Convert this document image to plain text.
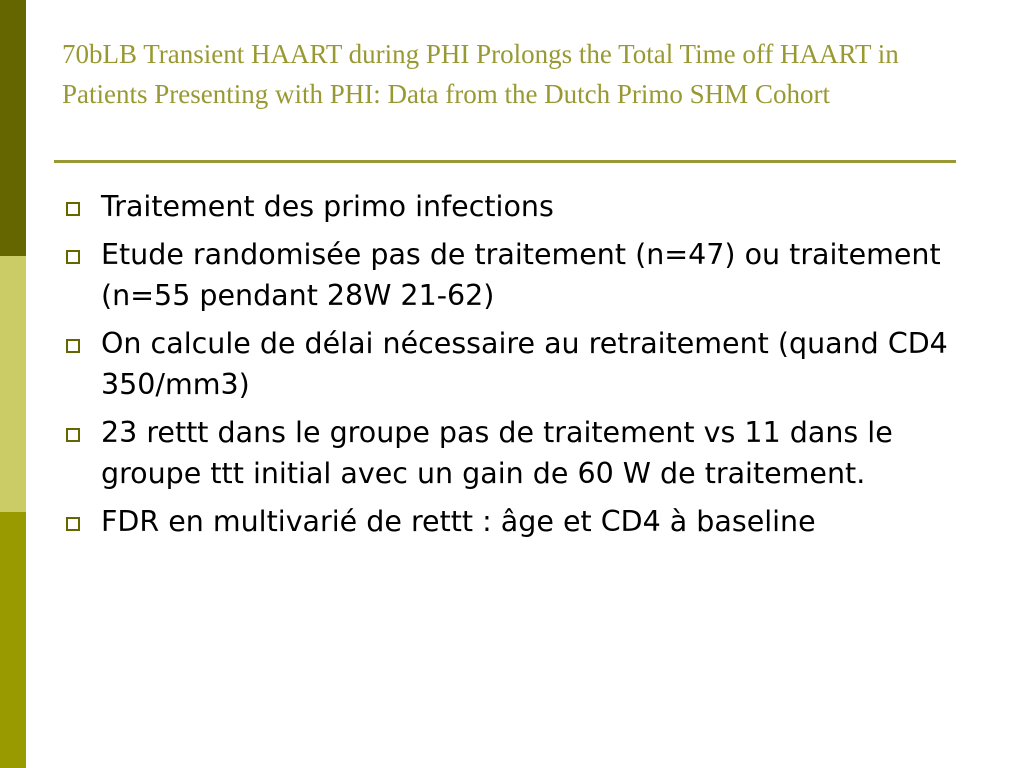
70bLB Transient HAART during PHI Prolongs the Total Time off HAART in Patients Presenting with PHI: Data from the Dutch Primo SHM Cohort
Traitement des primo infections
Etude randomisée pas de traitement (n=47) ou traitement (n=55 pendant 28W 21-62)
On calcule de délai nécessaire au retraitement (quand CD4 350/mm3)
23 rettt dans le groupe pas de traitement vs 11 dans le groupe ttt initial avec un gain de 60 W de traitement.
FDR en multivarié de rettt : âge et CD4 à baseline
